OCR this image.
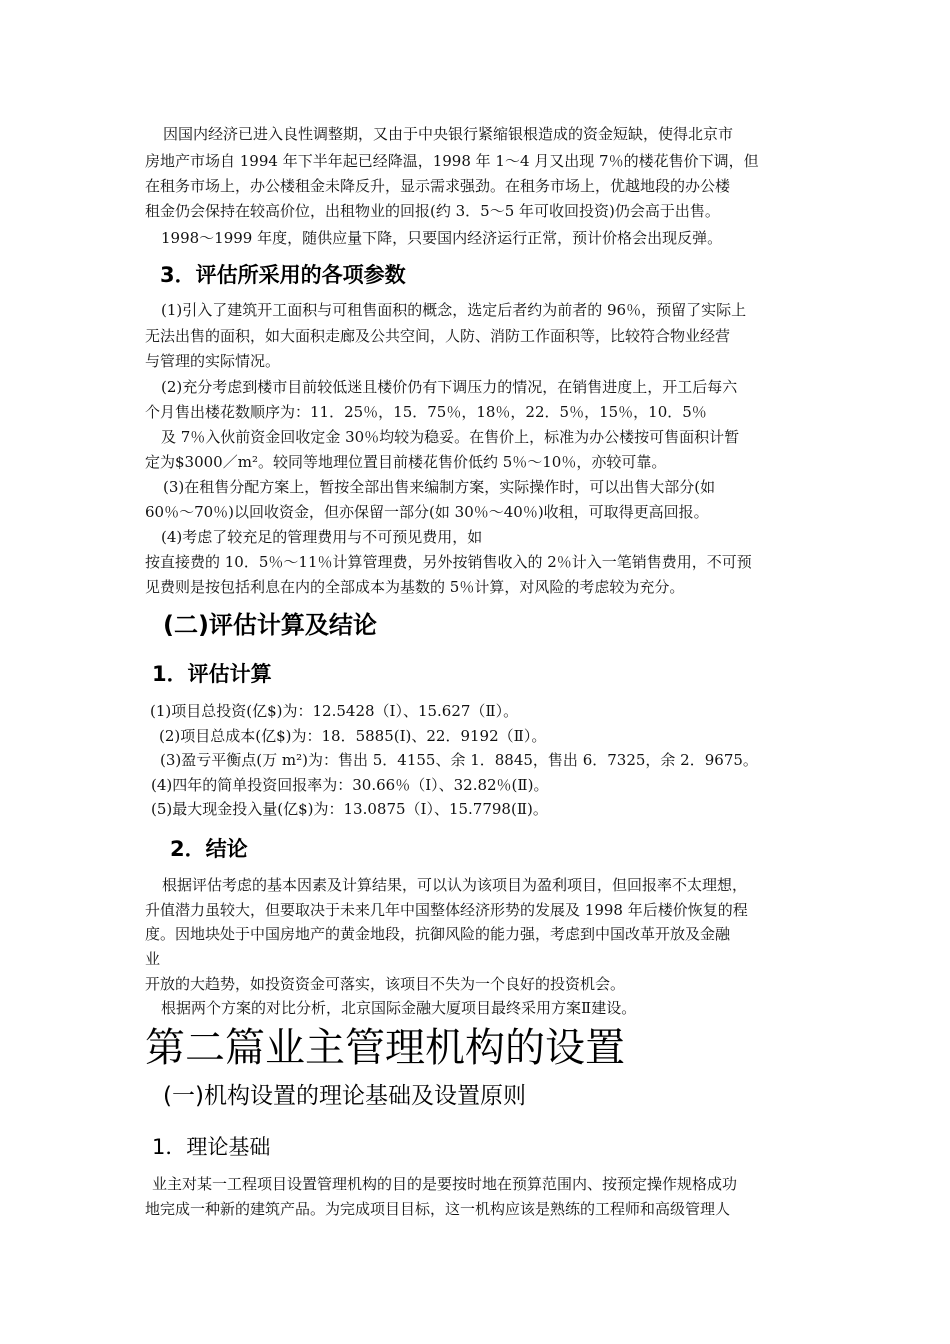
因国内经济已进入良性调整期，又由于中央银行紧缩银根造成的资金短缺，使得北京市
房地产市场自 1994 年下半年起已经降温，1998 年 1～4 月又出现 7％的楼花售价下调，但
在租务市场上，办公楼租金未降反升，显示需求强劲。在租务市场上，优越地段的办公楼
租金仍会保持在较高价位，出租物业的回报(约 3．5～5 年可收回投资)仍会高于出售。
1998～1999 年度，随供应量下降，只要国内经济运行正常，预计价格会出现反弹。
3．评估所采用的各项参数
(1)引入了建筑开工面积与可租售面积的概念，选定后者约为前者的 96％，预留了实际上
无法出售的面积，如大面积走廊及公共空间，人防、消防工作面积等，比较符合物业经营
与管理的实际情况。
(2)充分考虑到楼市目前较低迷且楼价仍有下调压力的情况，在销售进度上，开工后每六
个月售出楼花数顺序为：11．25％，15．75％，18％，22．5％，15％，10．5％
及 7％入伙前资金回收定金 30％均较为稳妥。在售价上，标准为办公楼按可售面积计暂
定为$3000／m²。较同等地理位置目前楼花售价低约 5％～10％，亦较可靠。
(3)在租售分配方案上，暂按全部出售来编制方案，实际操作时，可以出售大部分(如
60％～70％)以回收资金，但亦保留一部分(如 30％～40％)收租，可取得更高回报。
(4)考虑了较充足的管理费用与不可预见费用，如
按直接费的 10．5％～11％计算管理费，另外按销售收入的 2％计入一笔销售费用，不可预
见费则是按包括利息在内的全部成本为基数的 5％计算，对风险的考虑较为充分。
(二)评估计算及结论
1．评估计算
(1)项目总投资(亿$)为：12.5428（Ⅰ）、15.627（Ⅱ）。
(2)项目总成本(亿$)为：18．5885(Ⅰ)、22．9192（Ⅱ）。
(3)盈亏平衡点(万 m²)为：售出 5．4155、余 1．8845，售出 6．7325，余 2．9675。
(4)四年的简单投资回报率为：30.66％（Ⅰ）、32.82％(Ⅱ)。
(5)最大现金投入量(亿$)为：13.0875（Ⅰ）、15.7798(Ⅱ)。
2．结论
根据评估考虑的基本因素及计算结果，可以认为该项目为盈利项目，但回报率不太理想，
升值潜力虽较大，但要取决于未来几年中国整体经济形势的发展及 1998 年后楼价恢复的程
度。因地块处于中国房地产的黄金地段，抗御风险的能力强，考虑到中国改革开放及金融
业
开放的大趋势，如投资资金可落实，该项目不失为一个良好的投资机会。
根据两个方案的对比分析，北京国际金融大厦项目最终采用方案Ⅱ建设。
第二篇业主管理机构的设置
(一)机构设置的理论基础及设置原则
1．理论基础
业主对某一工程项目设置管理机构的目的是要按时地在预算范围内、按预定操作规格成功
地完成一种新的建筑产品。为完成项目目标，这一机构应该是熟练的工程师和高级管理人
